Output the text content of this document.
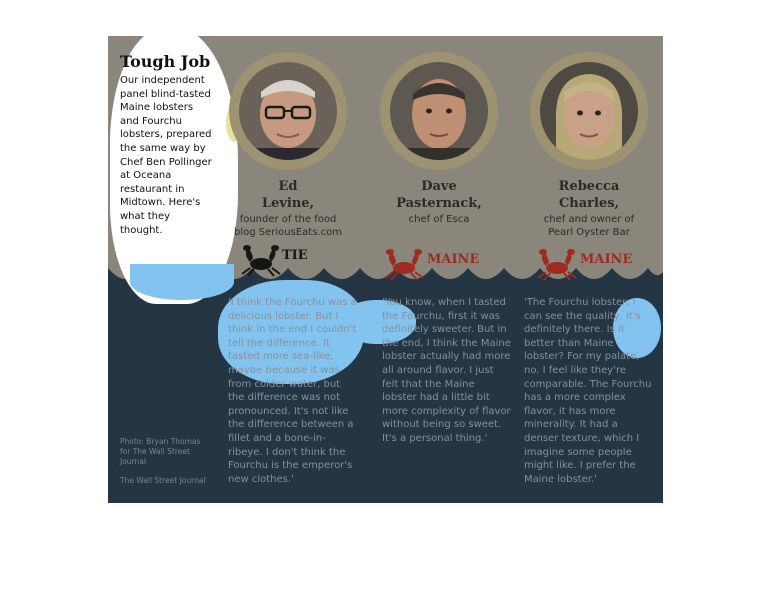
Tough Job
Our independent panel blind-tasted Maine lobsters and Fourchu lobsters, prepared the same way by Chef Ben Pollinger at Oceana restaurant in Midtown. Here's what they thought.
Ed
Levine,
founder of the food
blog SeriousEats.com
Dave
Pasternack,
chef of Esca
Rebecca
Charles,
chef and owner of
Pearl Oyster Bar
TIE	MAINE	MAINE
'I think the Fourchu was a delicious lobster. But I think in the end I couldn't tell the difference. It tasted more sea-like, maybe because it was from colder water, but the difference was not pronounced. It's not like the difference between a fillet and a bone-in-ribeye. I don't think the Fourchu is the emperor's new clothes.'
'You know, when I tasted the Fourchu, first it was definitely sweeter. But in the end, I think the Maine lobster actually had more all around flavor. I just felt that the Maine lobster had a little bit more complexity of flavor without being so sweet. It's a personal thing.'
'The Fourchu lobster, I can see the quality, it's definitely there. Is it better than Maine lobster? For my palate, no. I feel like they're comparable. The Fourchu has a more complex flavor, it has more minerality. It had a denser texture, which I imagine some people might like. I prefer the Maine lobster.'
Photo: Bryan Thomas
for The Wall Street
Journal
The Wall Street Journal
